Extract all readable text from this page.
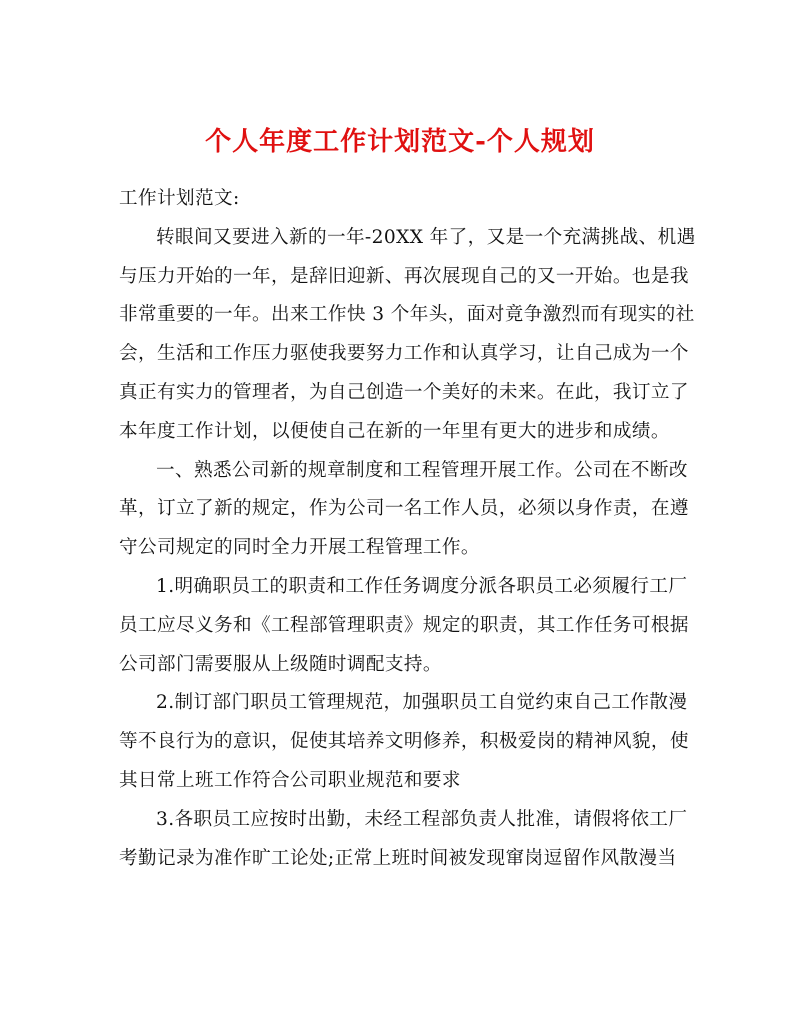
个人年度工作计划范文-个人规划

工作计划范文:

转眼间又要进入新的一年-20XX 年了，又是一个充满挑战、机遇
与压力开始的一年，是辞旧迎新、再次展现自己的又一开始。也是我
非常重要的一年。出来工作快 3 个年头，面对竟争激烈而有现实的社
会，生活和工作压力驱使我要努力工作和认真学习，让自己成为一个
真正有实力的管理者，为自己创造一个美好的未来。在此，我订立了
本年度工作计划，以便使自己在新的一年里有更大的进步和成绩。

一、熟悉公司新的规章制度和工程管理开展工作。公司在不断改
革，订立了新的规定，作为公司一名工作人员，必须以身作责，在遵
守公司规定的同时全力开展工程管理工作。

1.明确职员工的职责和工作任务调度分派各职员工必须履行工厂
员工应尽义务和《工程部管理职责》规定的职责，其工作任务可根据
公司部门需要服从上级随时调配支持。

2.制订部门职员工管理规范，加强职员工自觉约束自己工作散漫
等不良行为的意识，促使其培养文明修养，积极爱岗的精神风貌，使
其日常上班工作符合公司职业规范和要求

3.各职员工应按时出勤，未经工程部负责人批准，请假将依工厂
考勤记录为准作旷工论处;正常上班时间被发现窜岗逗留作风散漫当
